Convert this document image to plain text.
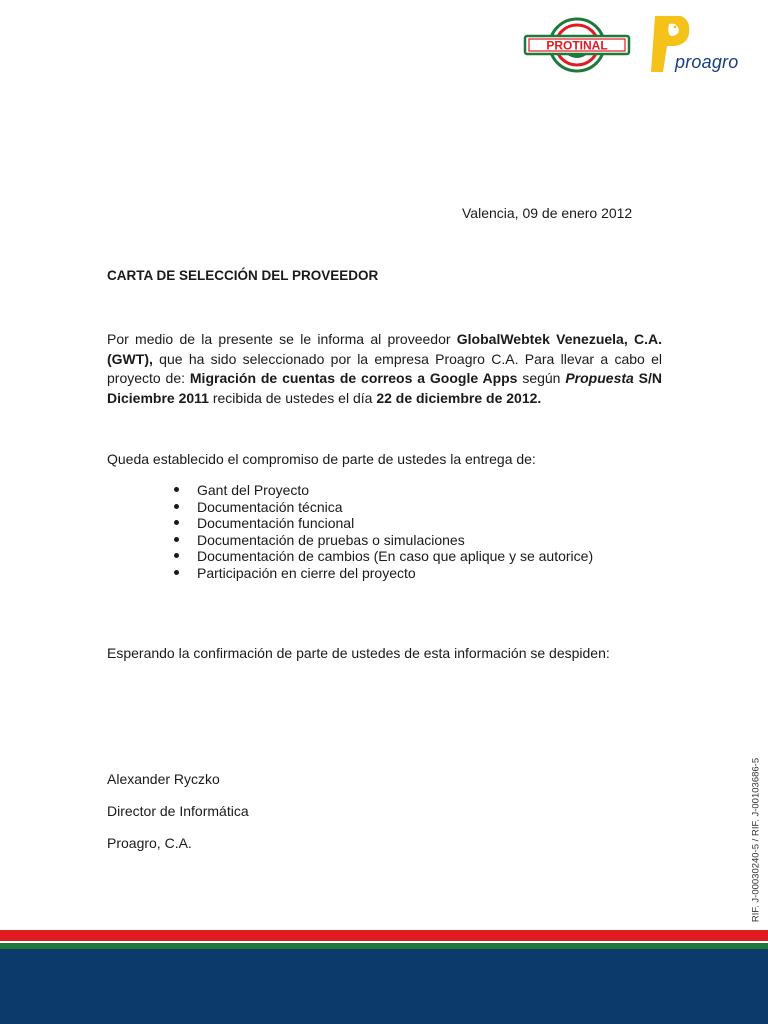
PROTINAL
proagro
Valencia, 09 de enero 2012
CARTA DE SELECCIÓN DEL PROVEEDOR
Por medio de la presente se le informa al proveedor GlobalWebtek Venezuela, C.A. (GWT), que ha sido seleccionado por la empresa Proagro C.A. Para llevar a cabo el proyecto de: Migración de cuentas de correos a Google Apps según Propuesta S/N Diciembre 2011 recibida de ustedes el día 22 de diciembre de 2012.
Queda establecido el compromiso de parte de ustedes la entrega de:
Gant del Proyecto
Documentación técnica
Documentación funcional
Documentación de pruebas o simulaciones
Documentación de cambios (En caso que aplique y se autorice)
Participación en cierre del proyecto
Esperando la confirmación de parte de ustedes de esta información se despiden:
Alexander Ryczko
Director de Informática
Proagro, C.A.	RIF. J-00030240-5 / RIF. J-00103686-5
